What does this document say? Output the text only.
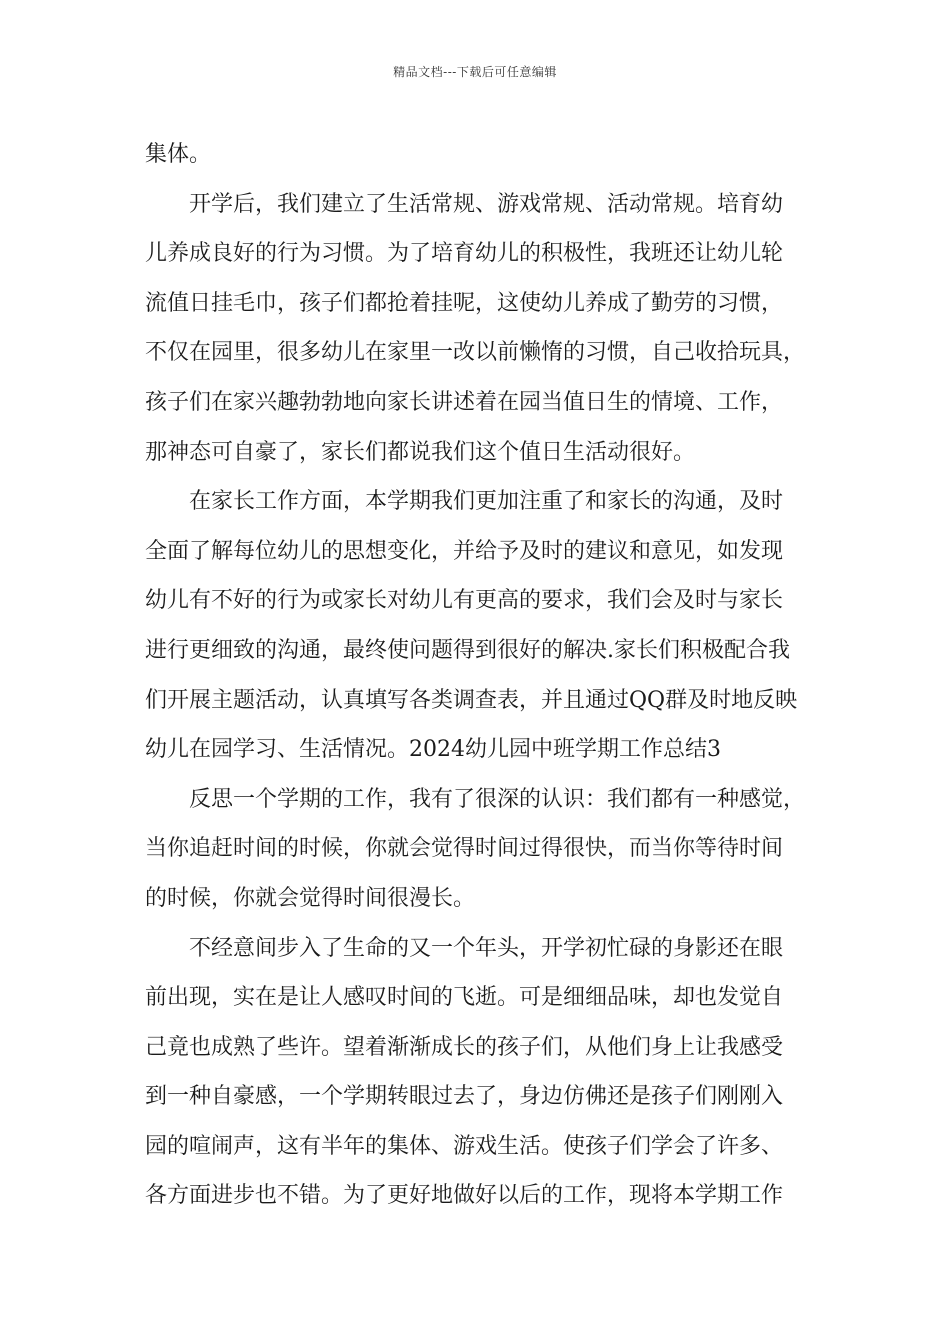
精品文档---下载后可任意编辑
集体。
开学后，我们建立了生活常规、游戏常规、活动常规。培育幼
儿养成良好的行为习惯。为了培育幼儿的积极性，我班还让幼儿轮
流值日挂毛巾，孩子们都抢着挂呢，这使幼儿养成了勤劳的习惯，
不仅在园里，很多幼儿在家里一改以前懒惰的习惯，自己收拾玩具，
孩子们在家兴趣勃勃地向家长讲述着在园当值日生的情境、工作，
那神态可自豪了，家长们都说我们这个值日生活动很好。
在家长工作方面，本学期我们更加注重了和家长的沟通，及时
全面了解每位幼儿的思想变化，并给予及时的建议和意见，如发现
幼儿有不好的行为或家长对幼儿有更高的要求，我们会及时与家长
进行更细致的沟通，最终使问题得到很好的解决.家长们积极配合我
们开展主题活动，认真填写各类调查表，并且通过QQ群及时地反映
幼儿在园学习、生活情况。2024幼儿园中班学期工作总结3
反思一个学期的工作，我有了很深的认识：我们都有一种感觉，
当你追赶时间的时候，你就会觉得时间过得很快，而当你等待时间
的时候，你就会觉得时间很漫长。
不经意间步入了生命的又一个年头，开学初忙碌的身影还在眼
前出现，实在是让人感叹时间的飞逝。可是细细品味，却也发觉自
己竟也成熟了些许。望着渐渐成长的孩子们，从他们身上让我感受
到一种自豪感，一个学期转眼过去了，身边仿佛还是孩子们刚刚入
园的喧闹声，这有半年的集体、游戏生活。使孩子们学会了许多、
各方面进步也不错。为了更好地做好以后的工作，现将本学期工作
